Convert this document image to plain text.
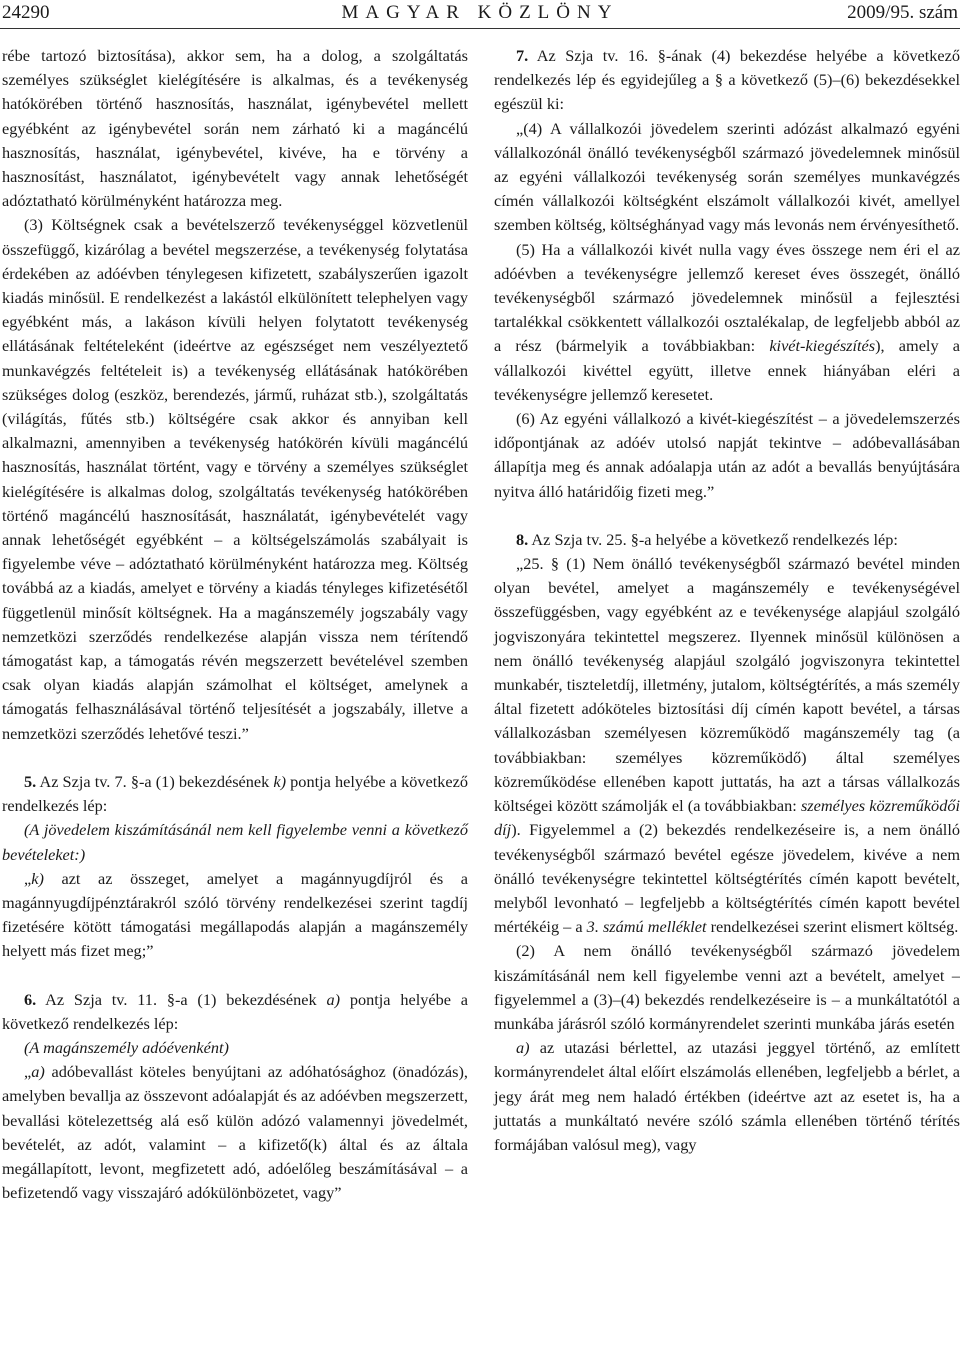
24290	MAGYAR KÖZLÖNY	2009/95. szám

rébe tartozó biztosítása), akkor sem, ha a dolog, a szolgáltatás személyes szükséglet kielégítésére is alkalmas, és a tevékenység hatókörében történő hasznosítás, használat, igénybevétel mellett egyébként az igénybevétel során nem zárható ki a magáncélú hasznosítás, használat, igénybevétel, kivéve, ha e törvény a hasznosítást, használatot, igénybevételt vagy annak lehetőségét adóztatható körülményként határozza meg.

(3) Költségnek csak a bevételszerző tevékenységgel közvetlenül összefüggő, kizárólag a bevétel megszerzése, a tevékenység folytatása érdekében az adóévben ténylegesen kifizetett, szabályszerűen igazolt kiadás minősül. E rendelkezést a lakástól elkülönített telephelyen vagy egyébként más, a lakáson kívüli helyen folytatott tevékenység ellátásának feltételeként (ideértve az egészséget nem veszélyeztető munkavégzés feltételeit is) a tevékenység ellátásának hatókörében szükséges dolog (eszköz, berendezés, jármű, ruházat stb.), szolgáltatás (világítás, fűtés stb.) költségére csak akkor és annyiban kell alkalmazni, amennyiben a tevékenység hatókörén kívüli magáncélú hasznosítás, használat történt, vagy e törvény a személyes szükséglet kielégítésére is alkalmas dolog, szolgáltatás tevékenység hatókörében történő magáncélú hasznosítását, használatát, igénybevételét vagy annak lehetőségét egyébként – a költségelszámolás szabályait is figyelembe véve – adóztatható körülményként határozza meg. Költség továbbá az a kiadás, amelyet e törvény a kiadás tényleges kifizetésétől függetlenül minősít költségnek. Ha a magánszemély jogszabály vagy nemzetközi szerződés rendelkezése alapján vissza nem térítendő támogatást kap, a támogatás révén megszerzett bevételével szemben csak olyan kiadás alapján számolhat el költséget, amelynek a támogatás felhasználásával történő teljesítését a jogszabály, illetve a nemzetközi szerződés lehetővé teszi.”

5. Az Szja tv. 7. §-a (1) bekezdésének k) pontja helyébe a következő rendelkezés lép:

(A jövedelem kiszámításánál nem kell figyelembe venni a következő bevételeket:)

„k) azt az összeget, amelyet a magánnyugdíjról és a magánnyugdíjpénztárakról szóló törvény rendelkezései szerint tagdíj fizetésére kötött támogatási megállapodás alapján a magánszemély helyett más fizet meg;”

6. Az Szja tv. 11. §-a (1) bekezdésének a) pontja helyébe a következő rendelkezés lép:

(A magánszemély adóévenként)

„a) adóbevallást köteles benyújtani az adóhatósághoz (önadózás), amelyben bevallja az összevont adóalapját és az adóévben megszerzett, bevallási kötelezettség alá eső külön adózó valamennyi jövedelmét, bevételét, az adót, valamint – a kifizető(k) által és az általa megállapított, levont, megfizetett adó, adóelőleg beszámításával – a befizetendő vagy visszajáró adókülönbözetet, vagy”

7. Az Szja tv. 16. §-ának (4) bekezdése helyébe a következő rendelkezés lép és egyidejűleg a § a következő (5)–(6) bekezdésekkel egészül ki:

„(4) A vállalkozói jövedelem szerinti adózást alkalmazó egyéni vállalkozónál önálló tevékenységből származó jövedelemnek minősül az egyéni vállalkozói tevékenység során személyes munkavégzés címén vállalkozói költségként elszámolt vállalkozói kivét, amellyel szemben költség, költséghányad vagy más levonás nem érvényesíthető.

(5) Ha a vállalkozói kivét nulla vagy éves összege nem éri el az adóévben a tevékenységre jellemző kereset éves összegét, önálló tevékenységből származó jövedelemnek minősül a fejlesztési tartalékkal csökkentett vállalkozói osztalékalap, de legfeljebb abból az a rész (bármelyik a továbbiakban: kivét-kiegészítés), amely a vállalkozói kivéttel együtt, illetve ennek hiányában eléri a tevékenységre jellemző keresetet.

(6) Az egyéni vállalkozó a kivét-kiegészítést – a jövedelemszerzés időpontjának az adóév utolsó napját tekintve – adóbevallásában állapítja meg és annak adóalapja után az adót a bevallás benyújtására nyitva álló határidőig fizeti meg.”

8. Az Szja tv. 25. §-a helyébe a következő rendelkezés lép:

„25. § (1) Nem önálló tevékenységből származó bevétel minden olyan bevétel, amelyet a magánszemély e tevékenységével összefüggésben, vagy egyébként az e tevékenysége alapjául szolgáló jogviszonyára tekintettel megszerez. Ilyennek minősül különösen a nem önálló tevékenység alapjául szolgáló jogviszonyra tekintettel munkabér, tiszteletdíj, illetmény, jutalom, költségtérítés, a más személy által fizetett adóköteles biztosítási díj címén kapott bevétel, a társas vállalkozásban személyesen közreműködő magánszemély tag (a továbbiakban: személyes közreműködő) által személyes közreműködése ellenében kapott juttatás, ha azt a társas vállalkozás költségei között számolják el (a továbbiakban: személyes közreműködői díj). Figyelemmel a (2) bekezdés rendelkezéseire is, a nem önálló tevékenységből származó bevétel egésze jövedelem, kivéve a nem önálló tevékenységre tekintettel költségtérítés címén kapott bevételt, melyből levonható – legfeljebb a költségtérítés címén kapott bevétel mértékéig – a 3. számú melléklet rendelkezései szerint elismert költség.

(2) A nem önálló tevékenységből származó jövedelem kiszámításánál nem kell figyelembe venni azt a bevételt, amelyet – figyelemmel a (3)–(4) bekezdés rendelkezéseire is – a munkáltatótól a munkába járásról szóló kormányrendelet szerinti munkába járás esetén

a) az utazási bérlettel, az utazási jeggyel történő, az említett kormányrendelet által előírt elszámolás ellenében, legfeljebb a bérlet, a jegy árát meg nem haladó értékben (ideértve azt az esetet is, ha a juttatás a munkáltató nevére szóló számla ellenében történő térítés formájában valósul meg), vagy
